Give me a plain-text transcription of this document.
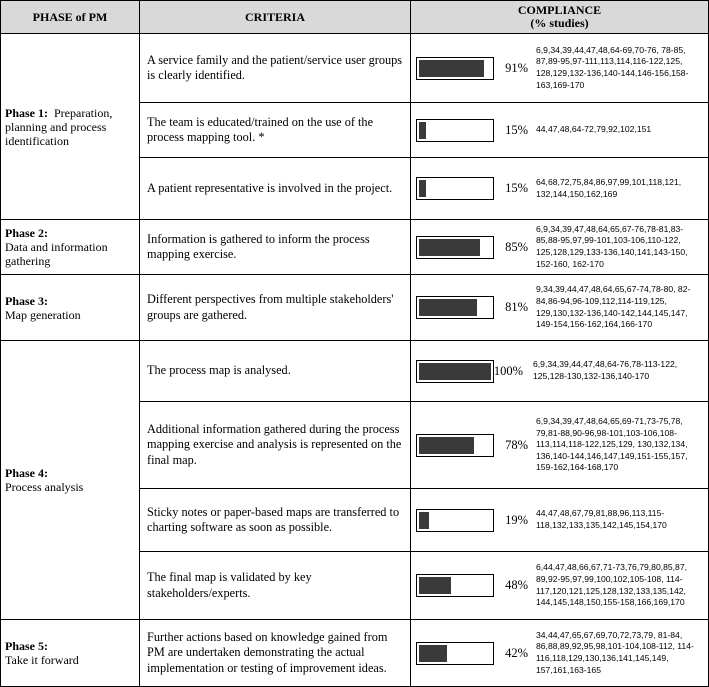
PHASE of PM	CRITERIA	COMPLIANCE
(% studies)

Phase 1: Preparation, planning and process identification	A service family and the patient/service user groups is clearly identified.	91%
6,9,34,39,44,47,48,64-69,70-76, 78-85, 87,89-95,97-111,113,114,116-122,125, 128,129,132-136,140-144,146-156,158-163,169-170

	The team is educated/trained on the use of the process mapping tool. *	15% 44,47,48,64-72,79,92,102,151

	A patient representative is involved in the project.	15% 64,68,72,75,84,86,97,99,101,118,121, 132,144,150,162,169

Phase 2:
Data and information gathering	Information is gathered to inform the process mapping exercise.	85%
6,9,34,39,47,48,64,65,67-76,78-81,83-85,88-95,97,99-101,103-106,110-122, 125,128,129,133-136,140,141,143-150, 152-160, 162-170

Phase 3:
Map generation	Different perspectives from multiple stakeholders' groups are gathered.	81%
9,34,39,44,47,48,64,65,67-74,78-80, 82-84,86-94,96-109,112,114-119,125, 129,130,132-136,140-142,144,145,147, 149-154,156-162,164,166-170

Phase 4:
Process analysis	The process map is analysed.	100% 6,9,34,39,44,47,48,64-76,78-113-122, 125,128-130,132-136,140-170

	Additional information gathered during the process mapping exercise and analysis is represented on the final map.	78%
6,9,34,39,47,48,64,65,69-71,73-75,78, 79,81-88,90-96,98-101,103-106,108-113,114,118-122,125,129, 130,132,134, 136,140-144,146,147,149,151-155,157, 159-162,164-168,170

	Sticky notes or paper-based maps are transferred to charting software as soon as possible.	19% 44,47,48,67,79,81,88,96,113,115-118,132,133,135,142,145,154,170

	The final map is validated by key stakeholders/experts.	48%
6,44,47,48,66,67,71-73,76,79,80,85,87, 89,92-95,97,99,100,102,105-108, 114-117,120,121,125,128,132,133,135,142, 144,145,148,150,155-158,166,169,170

Phase 5:
Take it forward	Further actions based on knowledge gained from PM are undertaken demonstrating the actual implementation or testing of improvement ideas.	42%
34,44,47,65,67,69,70,72,73,79, 81-84, 86,88,89,92,95,98,101-104,108-112, 114-116,118,129,130,136,141,145,149, 157,161,163-165
